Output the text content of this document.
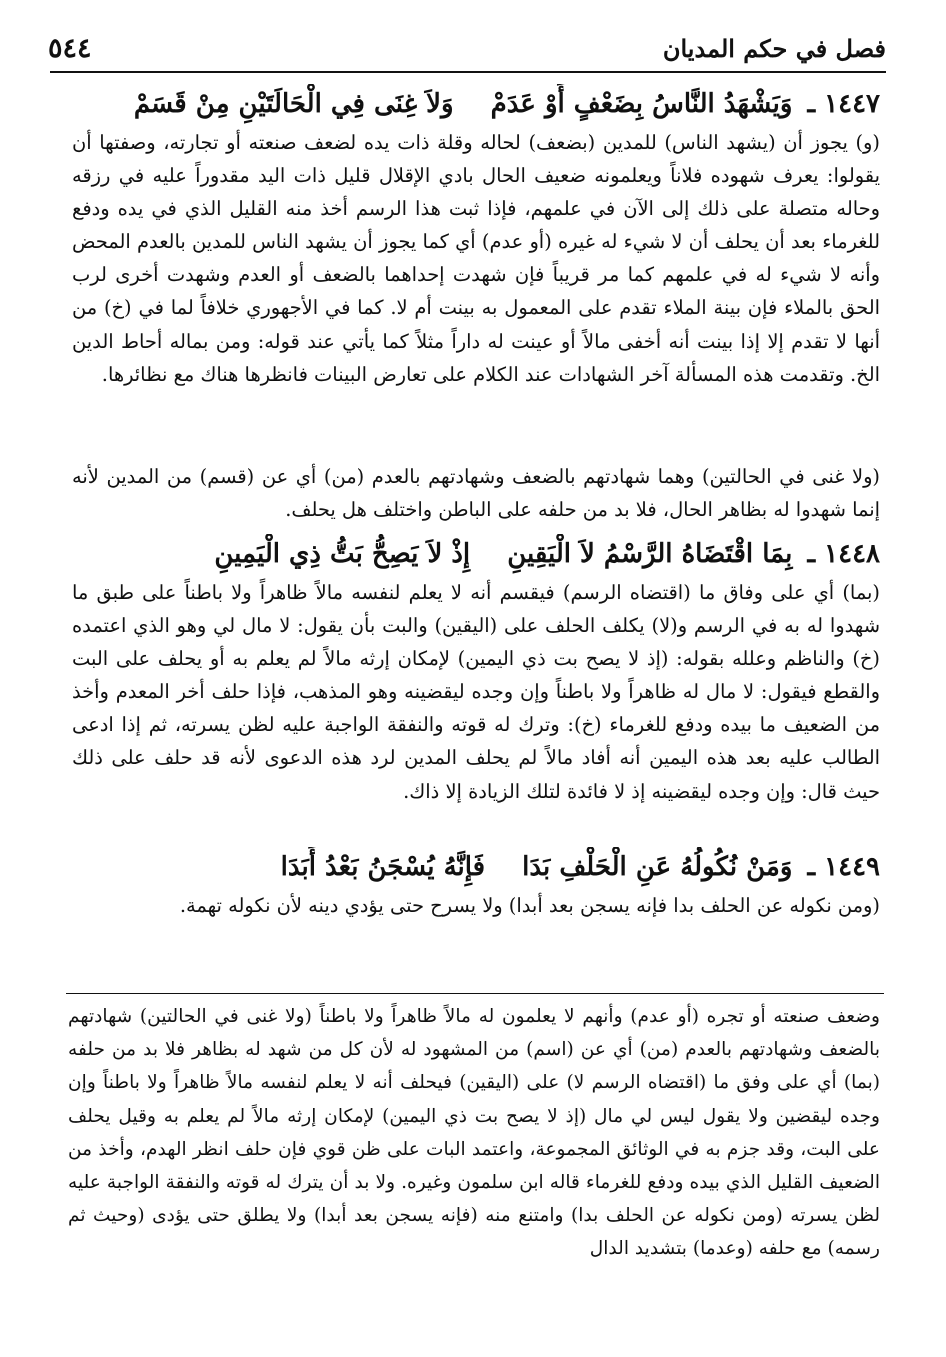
فصل في حكم المديان
٥٤٤
١٤٤٧ ـ وَيَشْهَدُ النَّاسُ بِضَعْفٍ أَوْ عَدَمْ وَلاَ غِنَى فِي الْحَالَتَيْنِ مِنْ قَسَمْ

(و) يجوز أن (يشهد الناس) للمدين (بضعف) لحاله وقلة ذات يده لضعف صنعته أو تجارته، وصفتها أن يقولوا: يعرف شهوده فلاناً ويعلمونه ضعيف الحال بادي الإقلال قليل ذات اليد مقدوراً عليه في رزقه وحاله متصلة على ذلك إلى الآن في علمهم، فإذا ثبت هذا الرسم أخذ منه القليل الذي في يده ودفع للغرماء بعد أن يحلف أن لا شيء له غيره (أو عدم) أي كما يجوز أن يشهد الناس للمدين بالعدم المحض وأنه لا شيء له في علمهم كما مر قريباً فإن شهدت إحداهما بالضعف أو العدم وشهدت أخرى لرب الحق بالملاء فإن بينة الملاء تقدم على المعمول به بينت أم لا. كما في الأجهوري خلافاً لما في (خ) من أنها لا تقدم إلا إذا بينت أنه أخفى مالاً أو عينت له داراً مثلاً كما يأتي عند قوله: ومن بماله أحاط الدين الخ. وتقدمت هذه المسألة آخر الشهادات عند الكلام على تعارض البينات فانظرها هناك مع نظائرها.

(ولا غنى في الحالتين) وهما شهادتهم بالضعف وشهادتهم بالعدم (من) أي عن (قسم) من المدين لأنه إنما شهدوا له بظاهر الحال، فلا بد من حلفه على الباطن واختلف هل يحلف.

١٤٤٨ ـ بِمَا اقْتَضَاهُ الرَّسْمُ لاَ الْيَقِينِ إِذْ لاَ يَصِحُّ بَتُّ ذِي الْيَمِينِ

(بما) أي على وفاق ما (اقتضاه الرسم) فيقسم أنه لا يعلم لنفسه مالاً ظاهراً ولا باطناً على طبق ما شهدوا له به في الرسم و(لا) يكلف الحلف على (اليقين) والبت بأن يقول: لا مال لي وهو الذي اعتمده (خ) والناظم وعلله بقوله: (إذ لا يصح بت ذي اليمين) لإمكان إرثه مالاً لم يعلم به أو يحلف على البت والقطع فيقول: لا مال له ظاهراً ولا باطناً وإن وجده ليقضينه وهو المذهب، فإذا حلف أخر المعدم وأخذ من الضعيف ما بيده ودفع للغرماء (خ): وترك له قوته والنفقة الواجبة عليه لظن يسرته، ثم إذا ادعى الطالب عليه بعد هذه اليمين أنه أفاد مالاً لم يحلف المدين لرد هذه الدعوى لأنه قد حلف على ذلك حيث قال: وإن وجده ليقضينه إذ لا فائدة لتلك الزيادة إلا ذاك.

١٤٤٩ ـ وَمَنْ نُكُولُهُ عَنِ الْحَلْفِ بَدَا فَإِنَّهُ يُسْجَنُ بَعْدُ أَبَدَا

(ومن نكوله عن الحلف بدا فإنه يسجن بعد أبدا) ولا يسرح حتى يؤدي دينه لأن نكوله تهمة.

وضعف صنعته أو تجره (أو عدم) وأنهم لا يعلمون له مالاً ظاهراً ولا باطناً (ولا غنى في الحالتين) شهادتهم بالضعف وشهادتهم بالعدم (من) أي عن (اسم) من المشهود له لأن كل من شهد له بظاهر فلا بد من حلفه (بما) أي على وفق ما (اقتضاه الرسم لا) على (اليقين) فيحلف أنه لا يعلم لنفسه مالاً ظاهراً ولا باطناً وإن وجده ليقضين ولا يقول ليس لي مال (إذ لا يصح بت ذي اليمين) لإمكان إرثه مالاً لم يعلم به وقيل يحلف على البت، وقد جزم به في الوثائق المجموعة، واعتمد البات على ظن قوي فإن حلف انظر الهدم، وأخذ من الضعيف القليل الذي بيده ودفع للغرماء قاله ابن سلمون وغيره. ولا بد أن يترك له قوته والنفقة الواجبة عليه لظن يسرته (ومن نكوله عن الحلف بدا) وامتنع منه (فإنه يسجن بعد أبدا) ولا يطلق حتى يؤدى (وحيث ثم رسمه) مع حلفه (وعدما) بتشديد الدال
